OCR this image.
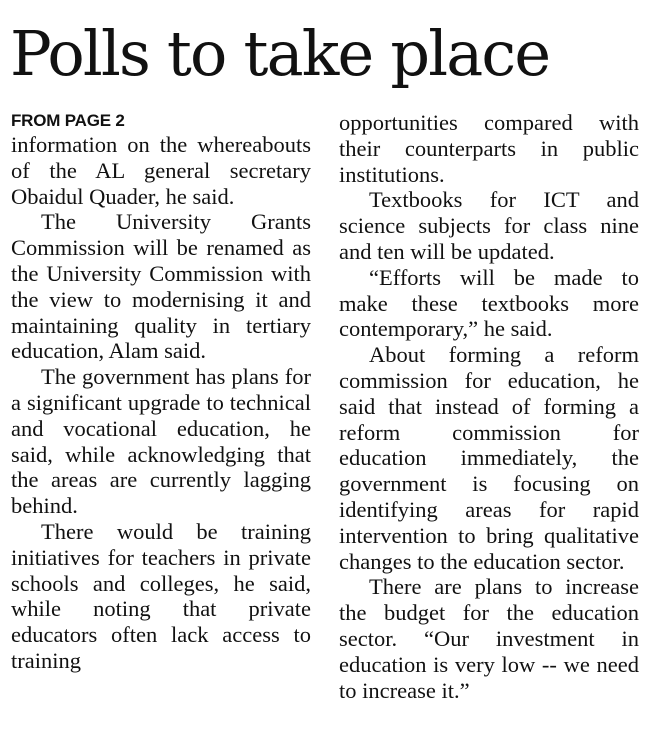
Polls to take place

FROM PAGE 2

information on the whereabouts of the AL general secretary Obaidul Quader, he said.

The University Grants Commission will be renamed as the University Commission with the view to modernising it and maintaining quality in tertiary education, Alam said.

The government has plans for a significant upgrade to technical and vocational education, he said, while acknowledging that the areas are currently lagging behind.

There would be training initiatives for teachers in private schools and colleges, he said, while noting that private educators often lack access to training

opportunities compared with their counterparts in public institutions.

Textbooks for ICT and science subjects for class nine and ten will be updated.

“Efforts will be made to make these textbooks more contemporary,” he said.

About forming a reform commission for education, he said that instead of forming a reform commission for education immediately, the government is focusing on identifying areas for rapid intervention to bring qualitative changes to the education sector.

There are plans to increase the budget for the education sector. “Our investment in education is very low -- we need to increase it.”
